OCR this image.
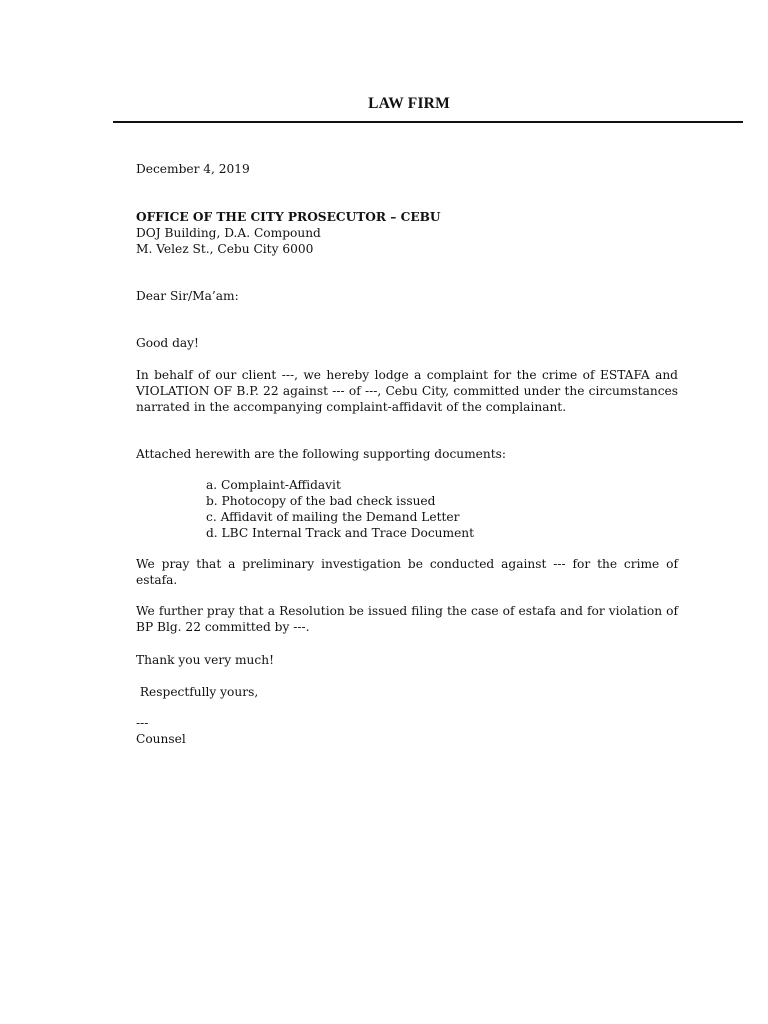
LAW FIRM
December 4, 2019
OFFICE OF THE CITY PROSECUTOR – CEBU
DOJ Building, D.A. Compound
M. Velez St., Cebu City 6000
Dear Sir/Ma’am:
Good day!
In behalf of our client ---, we hereby lodge a complaint for the crime of ESTAFA and VIOLATION OF B.P. 22 against --- of ---, Cebu City, committed under the circumstances narrated in the accompanying complaint-affidavit of the complainant.
Attached herewith are the following supporting documents:
a. Complaint-Affidavit
b. Photocopy of the bad check issued
c. Affidavit of mailing the Demand Letter
d. LBC Internal Track and Trace Document
We pray that a preliminary investigation be conducted against --- for the crime of estafa.
We further pray that a Resolution be issued filing the case of estafa and for violation of BP Blg. 22 committed by ---.
Thank you very much!
Respectfully yours,
---
Counsel
